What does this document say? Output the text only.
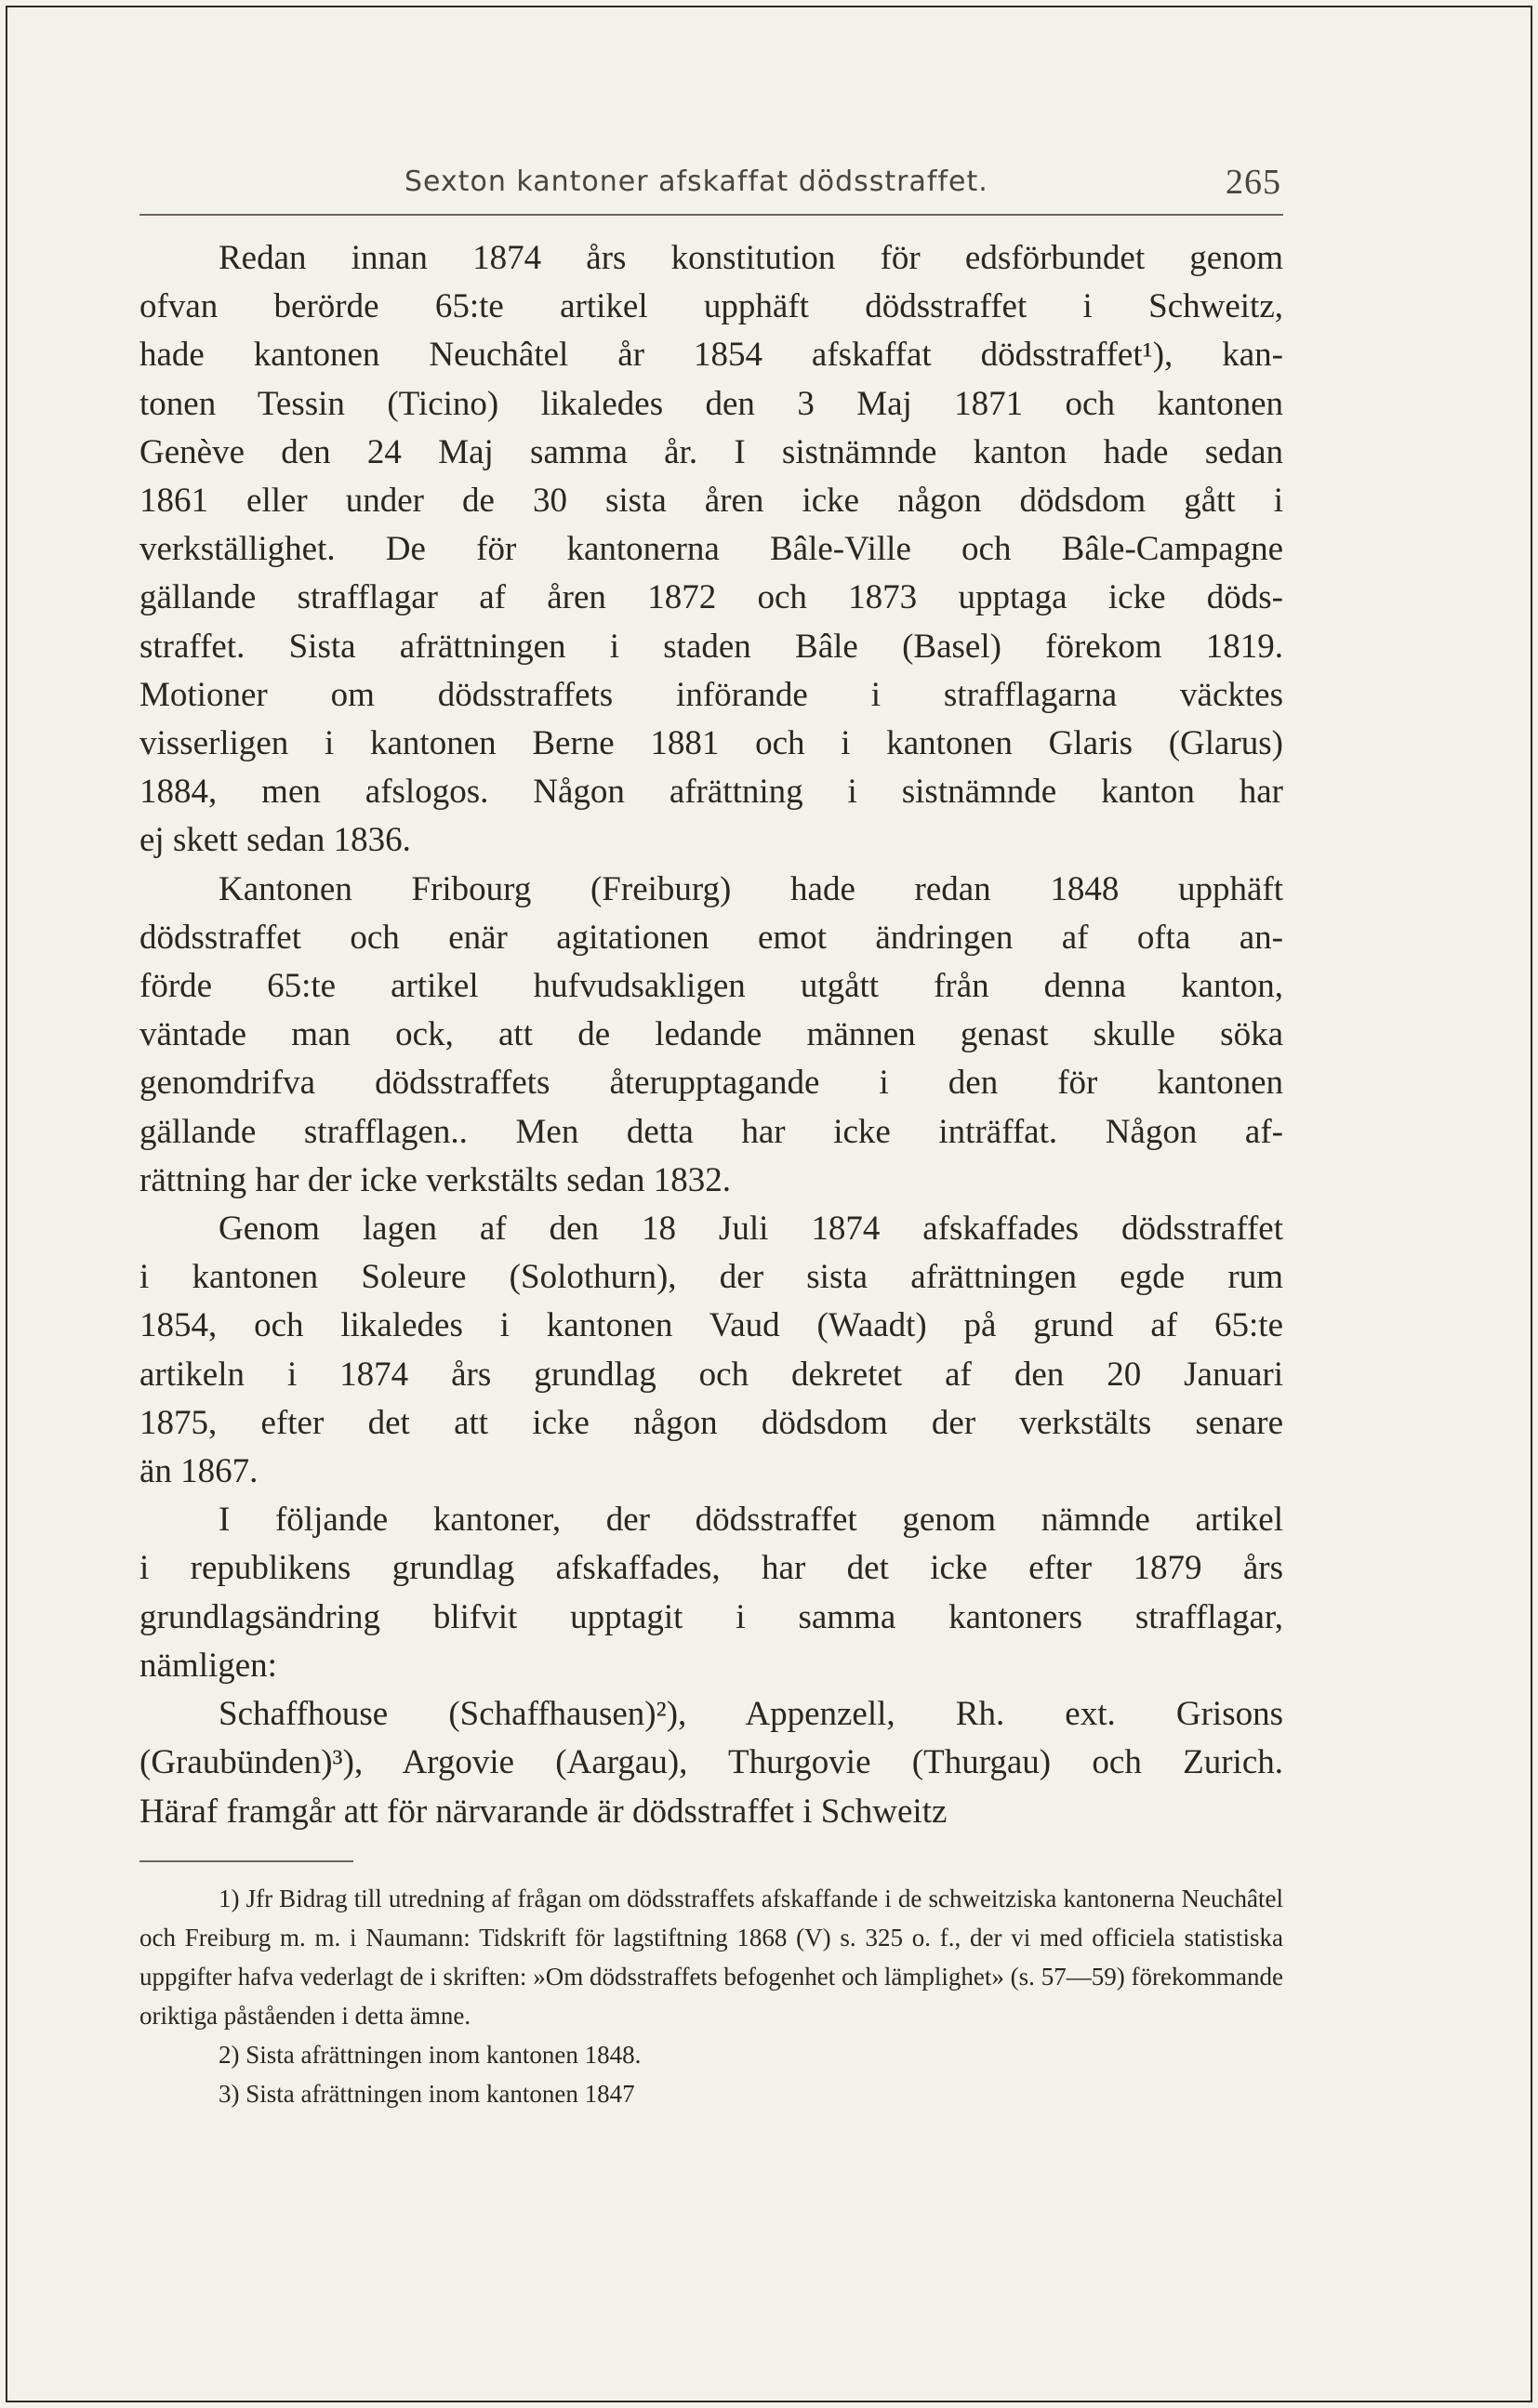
Sexton kantoner afskaffat dödsstraffet.	265
Redan innan 1874 års konstitution för edsförbundet genom
ofvan berörde 65:te artikel upphäft dödsstraffet i Schweitz,
hade kantonen Neuchâtel år 1854 afskaffat dödsstraffet¹), kan-
tonen Tessin (Ticino) likaledes den 3 Maj 1871 och kantonen
Genève den 24 Maj samma år. I sistnämnde kanton hade sedan
1861 eller under de 30 sista åren icke någon dödsdom gått i
verkställighet. De för kantonerna Bâle-Ville och Bâle-Campagne
gällande strafflagar af åren 1872 och 1873 upptaga icke döds-
straffet. Sista afrättningen i staden Bâle (Basel) förekom 1819.
Motioner om dödsstraffets införande i strafflagarna väcktes
visserligen i kantonen Berne 1881 och i kantonen Glaris (Glarus)
1884, men afslogos. Någon afrättning i sistnämnde kanton har
ej skett sedan 1836.
Kantonen Fribourg (Freiburg) hade redan 1848 upphäft
dödsstraffet och enär agitationen emot ändringen af ofta an-
förde 65:te artikel hufvudsakligen utgått från denna kanton,
väntade man ock, att de ledande männen genast skulle söka
genomdrifva dödsstraffets återupptagande i den för kantonen
gällande strafflagen.. Men detta har icke inträffat. Någon af-
rättning har der icke verkstälts sedan 1832.
Genom lagen af den 18 Juli 1874 afskaffades dödsstraffet
i kantonen Soleure (Solothurn), der sista afrättningen egde rum
1854, och likaledes i kantonen Vaud (Waadt) på grund af 65:te
artikeln i 1874 års grundlag och dekretet af den 20 Januari
1875, efter det att icke någon dödsdom der verkstälts senare
än 1867.
I följande kantoner, der dödsstraffet genom nämnde artikel
i republikens grundlag afskaffades, har det icke efter 1879 års
grundlagsändring blifvit upptagit i samma kantoners strafflagar,
nämligen:
Schaffhouse (Schaffhausen)²), Appenzell, Rh. ext. Grisons
(Graubünden)³), Argovie (Aargau), Thurgovie (Thurgau) och Zurich.
Häraf framgår att för närvarande är dödsstraffet i Schweitz

1) Jfr Bidrag till utredning af frågan om dödsstraffets afskaffande i de schweitziska kantonerna Neuchâtel och Freiburg m. m. i Naumann: Tidskrift för lagstiftning 1868 (V) s. 325 o. f., der vi med officiela statistiska uppgifter hafva vederlagt de i skriften: »Om dödsstraffets befogenhet och lämplighet» (s. 57—59) förekommande oriktiga påståenden i detta ämne.

2) Sista afrättningen inom kantonen 1848.

3) Sista afrättningen inom kantonen 1847
